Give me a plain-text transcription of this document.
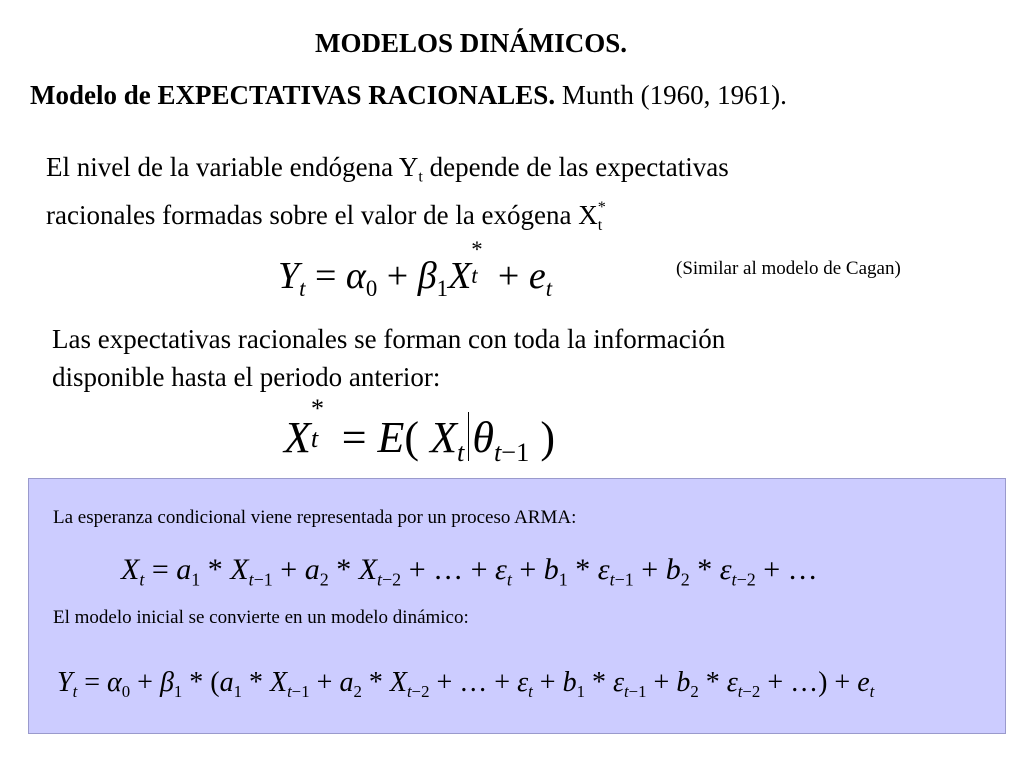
MODELOS DINÁMICOS.
Modelo de EXPECTATIVAS RACIONALES. Munth (1960, 1961).
El nivel de la variable endógena $Y_t$ depende de las expectativas
racionales formadas sobre el valor de la exógena X *
t
$Y_t = \alpha_0 + \beta_1X$
*
$t + e_t$
(Similar al modelo de Cagan)
Las expectativas racionales se forman con toda la información
disponible hasta el periodo anterior:
X
*
t = E( $X_t$ $\theta_{t-1}$ )
La esperanza condicional viene representada por un proceso ARMA:
$X_t = a_1 * X_{t-1} + a_2 * X_{t-2}$ + … + $\varepsilon_t + b_1 * \varepsilon_{t-1} + b_2 * \varepsilon_{t-2}$ + …
El modelo inicial se convierte en un modelo dinámico:
$Y_t = \alpha_0 + \beta_1 * (a_1 * X_{t-1} + a_2 * X_{t-2}$ + … + $\varepsilon_t + b_1 * \varepsilon_{t-1} + b_2 * \varepsilon_{t-2}$ + …) + $e_t$
